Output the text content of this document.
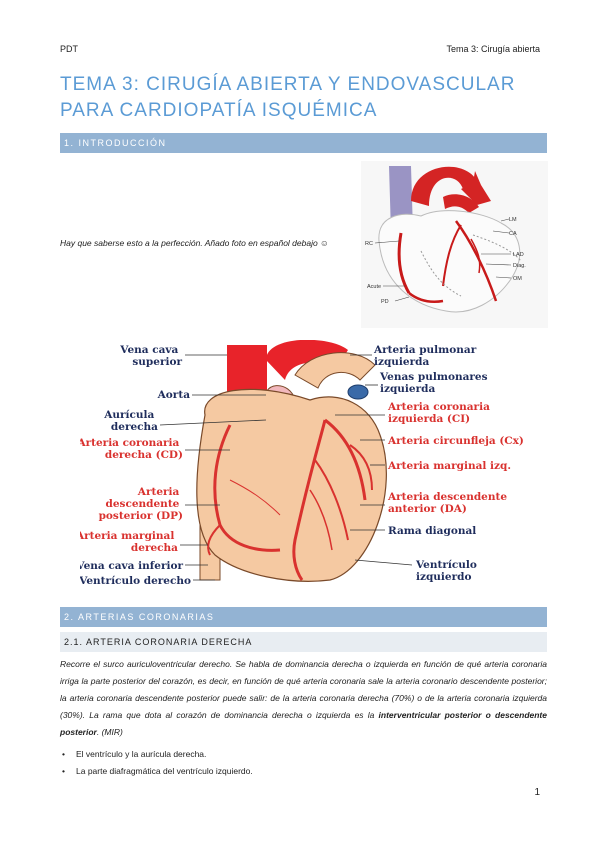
PDT	Tema 3: Cirugía abierta
TEMA 3: CIRUGÍA ABIERTA Y ENDOVASCULAR PARA CARDIOPATÍA ISQUÉMICA
1. INTRODUCCIÓN
Hay que saberse esto a la perfección. Añado foto en español debajo ☺
LM
CA
LAD
Diag.
OM
RC
Acute
PD
Vena cava superior
Aorta
Aurícula derecha
Arteria coronaria derecha (CD)
Arteria descendente posterior (DP)
Arteria marginal derecha
Vena cava inferior
Ventrículo derecho
Arteria pulmonar izquierda
Venas pulmonares izquierda
Arteria coronaria izquierda (CI)
Arteria circunfleja (Cx)
Arteria marginal izq.
Arteria descendente anterior (DA)
Rama diagonal
Ventrículo izquierdo
2. ARTERIAS CORONARIAS
2.1. ARTERIA CORONARIA DERECHA

Recorre el surco auriculoventricular derecho. Se habla de dominancia derecha o izquierda en función de qué arteria coronaria irriga la parte posterior del corazón, es decir, en función de qué arteria coronaria sale la arteria coronario descendente posterior; la arteria coronaria descendente posterior puede salir: de la arteria coronaria derecha (70%) o de la arteria coronaria izquierda (30%). La rama que dota al corazón de dominancia derecha o izquierda es la interventricular posterior o descendente posterior. (MIR)

• El ventrículo y la aurícula derecha.
• La parte diafragmática del ventrículo izquierdo.
1
